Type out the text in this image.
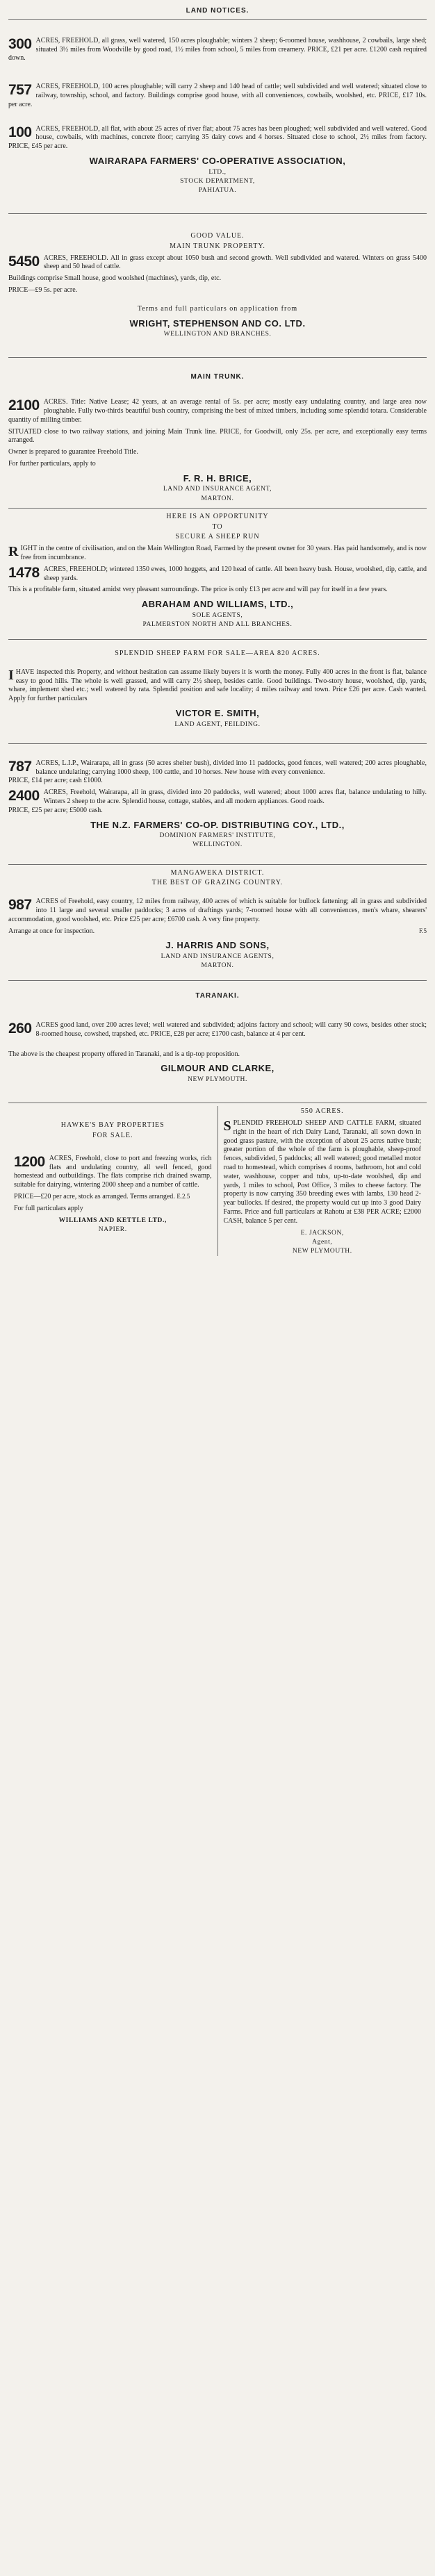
LAND NOTICES.
300 ACRES, FREEHOLD, all grass, well watered, 150 acres ploughable; winters 2 sheep; 6-roomed house, washhouse, 2 cowbails, large shed; situated 3½ miles from Woodville by good road, 1½ miles from school, 5 miles from creamery. PRICE, £21 per acre. £1200 cash required down.
757 ACRES, FREEHOLD, 100 acres ploughable; will carry 2 sheep and 140 head of cattle; well subdivided and well watered; situated close to railway, township, school, and factory. Buildings comprise good house, with all conveniences, cowbails, woolshed, etc. PRICE, £17 10s. per acre.
100 ACRES, FREEHOLD, all flat, with about 25 acres of river flat; about 75 acres has been ploughed; well subdivided and well watered. Good house, cowbails, with machines, concrete floor; carrying 35 dairy cows and 4 horses. Situated close to school, 2½ miles from factory. PRICE, £45 per acre.
WAIRARAPA FARMERS' CO-OPERATIVE ASSOCIATION,
LTD.,
STOCK DEPARTMENT,
PAHIATUA.
GOOD VALUE.
MAIN TRUNK PROPERTY.
5450 ACRES, FREEHOLD. All in grass except about 1050 bush and second growth. Well subdivided and watered. Winters on grass 5400 sheep and 50 head of cattle.
Buildings comprise Small house, good woolshed (machines), yards, dip, etc.
PRICE—£9 5s. per acre.
Terms and full particulars on application from
WRIGHT, STEPHENSON AND CO. LTD.
WELLINGTON AND BRANCHES.
MAIN TRUNK.
2100 ACRES. Title: Native Lease; 42 years, at an average rental of 5s. per acre; mostly easy undulating country, and large area now ploughable. Fully two-thirds beautiful bush country, comprising the best of mixed timbers, including some splendid totara. Considerable quantity of milling timber.
SITUATED close to two railway stations, and joining Main Trunk line. PRICE, for Goodwill, only 25s. per acre, and exceptionally easy terms arranged.
Owner is prepared to guarantee Freehold Title.
For further particulars, apply to
F. R. H. BRICE,
LAND AND INSURANCE AGENT,
MARTON.
HERE IS AN OPPORTUNITY
TO
SECURE A SHEEP RUN
R IGHT in the centre of civilisation, and on the Main Wellington Road, Farmed by the present owner for 30 years. Has paid handsomely, and is now free from incumbrance.
1478 ACRES, FREEHOLD; wintered 1350 ewes, 1000 hoggets, and 120 head of cattle. All been heavy bush. House, woolshed, dip, cattle, and sheep yards.
This is a profitable farm, situated amidst very pleasant surroundings. The price is only £13 per acre and will pay for itself in a few years.
ABRAHAM AND WILLIAMS, LTD.,
SOLE AGENTS,
PALMERSTON NORTH AND ALL BRANCHES.
SPLENDID SHEEP FARM FOR SALE—AREA 820 ACRES.
I HAVE inspected this Property, and without hesitation can assume likely buyers it is worth the money. Fully 400 acres in the front is flat, balance easy to good hills. The whole is well grassed, and will carry 2½ sheep, besides cattle. Good buildings. Two-story house, woolshed, dip, yards, whare, implement shed etc.; well watered by rata. Splendid position and safe locality; 4 miles railway and town. Price £26 per acre. Cash wanted. Apply for further particulars
VICTOR E. SMITH,
LAND AGENT, FEILDING.
787 ACRES, L.I.P., Wairarapa, all in grass (50 acres shelter bush), divided into 11 paddocks, good fences, well watered; 200 acres ploughable, balance undulating; carrying 1000 sheep, 100 cattle, and 10 horses. New house with every convenience.
PRICE, £14 per acre; cash £1000.
2400 ACRES, Freehold, Wairarapa, all in grass, divided into 20 paddocks, well watered; about 1000 acres flat, balance undulating to hilly. Winters 2 sheep to the acre. Splendid house, cottage, stables, and all modern appliances. Good roads.
PRICE, £25 per acre; £5000 cash.
THE N.Z. FARMERS' CO-OP. DISTRIBUTING COY., LTD.,
DOMINION FARMERS' INSTITUTE,
WELLINGTON.
MANGAWEKA DISTRICT.
THE BEST OF GRAZING COUNTRY.
987 ACRES of Freehold, easy country, 12 miles from railway, 400 acres of which is suitable for bullock fattening; all in grass and subdivided into 11 large and several smaller paddocks; 3 acres of draftings yards; 7-roomed house with all conveniences, men's whare, shearers' accommodation, good woolshed, etc. Price £25 per acre; £6700 cash. A very fine property.
Arrange at once for inspection.	F.5
J. HARRIS AND SONS,
LAND AND INSURANCE AGENTS,
MARTON.
TARANAKI.
260 ACRES good land, over 200 acres level; well watered and subdivided; adjoins factory and school; will carry 90 cows, besides other stock; 8-roomed house, cowshed, trapshed, etc. PRICE, £28 per acre; £1700 cash, balance at 4 per cent.
The above is the cheapest property offered in Taranaki, and is a tip-top proposition.
GILMOUR AND CLARKE,
NEW PLYMOUTH.
HAWKE'S BAY PROPERTIES
FOR SALE.
1200 ACRES, Freehold, close to port and freezing works, rich flats and undulating country, all well fenced, good homestead and outbuildings. The flats comprise rich drained swamp, suitable for dairying, wintering 2000 sheep and a number of cattle.
PRICE—£20 per acre, stock as arranged. Terms arranged. E.2.5
For full particulars apply
WILLIAMS AND KETTLE LTD.,
NAPIER.
550 ACRES.
S PLENDID FREEHOLD SHEEP AND CATTLE FARM, situated right in the heart of rich Dairy Land, Taranaki, all sown down in good grass pasture, with the exception of about 25 acres native bush; greater portion of the whole of the farm is ploughable, sheep-proof fences, subdivided, 5 paddocks; all well watered; good metalled motor road to homestead, which comprises 4 rooms, bathroom, hot and cold water, washhouse, copper and tubs, up-to-date woolshed, dip and yards, 1 miles to school, Post Office, 3 miles to cheese factory. The property is now carrying 350 breeding ewes with lambs, 130 head 2-year bullocks. If desired, the property would cut up into 3 good Dairy Farms. Price and full particulars at Rahotu at £38 PER ACRE; £2000 CASH, balance 5 per cent.
E. JACKSON,
Agent,
NEW PLYMOUTH.
